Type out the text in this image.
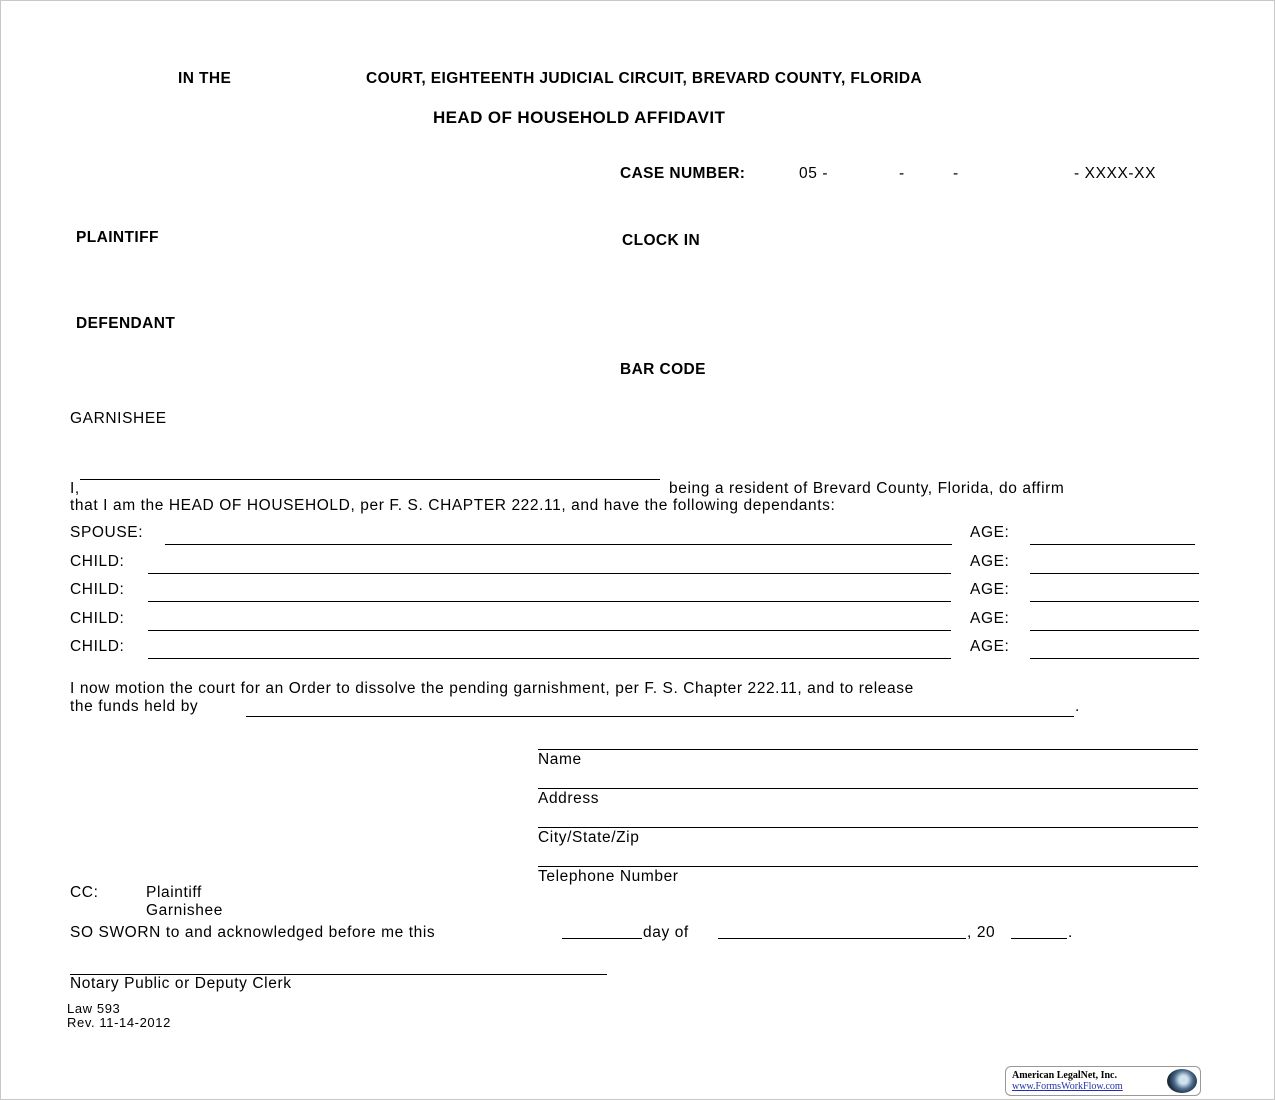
IN THE	COURT, EIGHTEENTH JUDICIAL CIRCUIT, BREVARD COUNTY, FLORIDA
HEAD OF HOUSEHOLD AFFIDAVIT
CASE NUMBER:	05 -	-	-	- XXXX-XX
PLAINTIFF	CLOCK IN
DEFENDANT
BAR CODE
GARNISHEE
I,	being a resident of Brevard County, Florida, do affirm
that I am the HEAD OF HOUSEHOLD, per F. S. CHAPTER 222.11, and have the following dependants:
SPOUSE:	AGE:
CHILD:	AGE:
CHILD:	AGE:
CHILD:	AGE:
CHILD:	AGE:
I now motion the court for an Order to dissolve the pending garnishment, per F. S. Chapter 222.11, and to release
the funds held by	.
Name
Address
City/State/Zip
Telephone Number
CC:	Plaintiff
Garnishee
SO SWORN to and acknowledged before me this	day of	, 20	.
Notary Public or Deputy Clerk
Law 593
Rev. 11-14-2012
American LegalNet, Inc.
www.FormsWorkFlow.com
